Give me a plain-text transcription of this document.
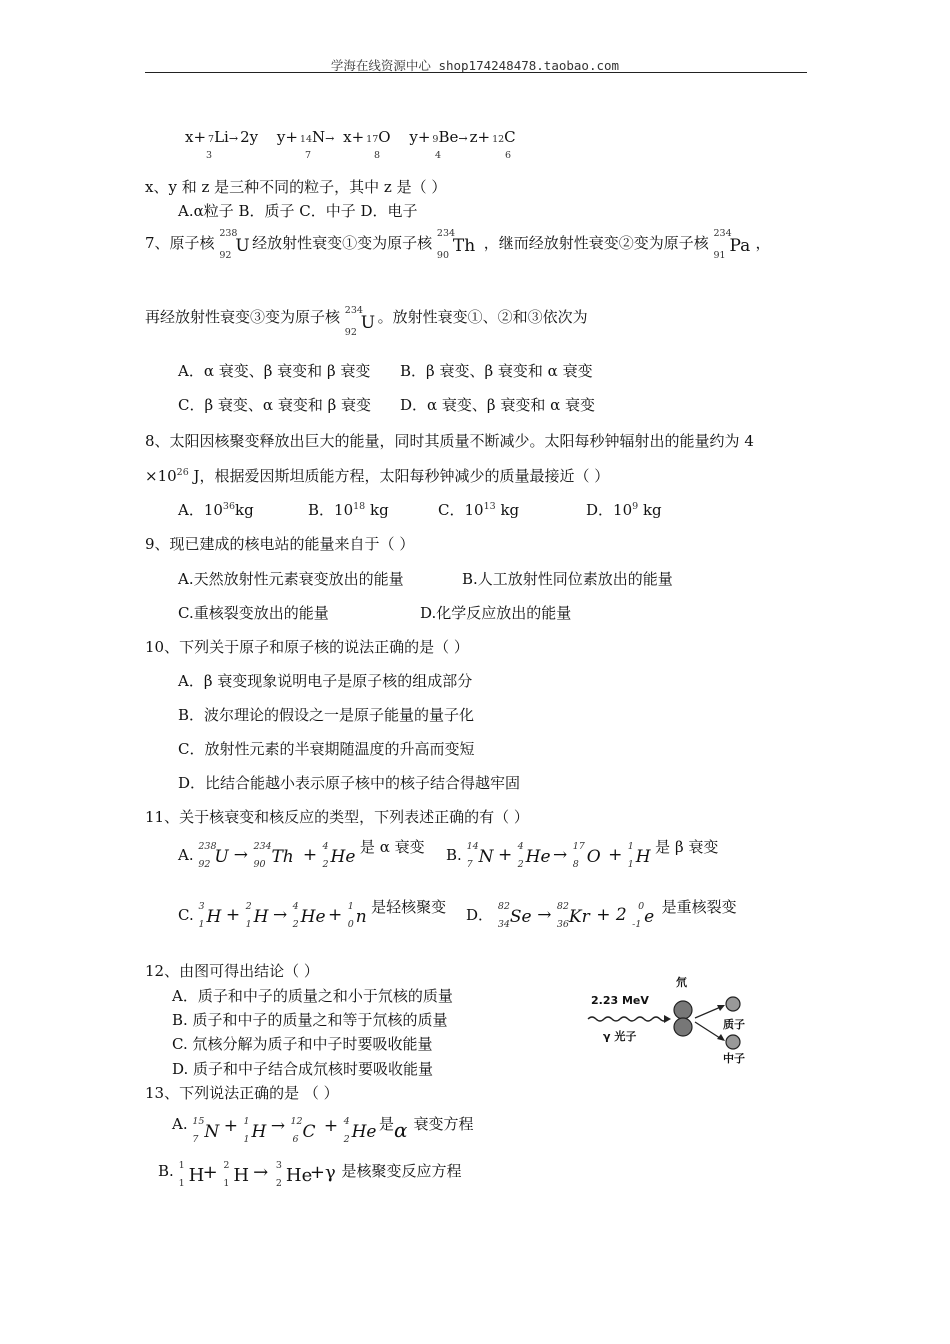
学海在线资源中心 shop174248478.taobao.com
x+ 7Li→ 2y y+ 14N→ x+ 17O y+ 9Be→ z+ 12C
3	7	8	4	6
x、y 和 z 是三种不同的粒子，其中 z 是（ ）
A.α粒子 B．质子 C．中子 D．电子
7、原子核
238
92 U 经放射性衰变①变为原子核
234
90 Th ，继而经放射性衰变②变为原子核
234
91 Pa ，
再经放射性衰变③变为原子核 234
92 U 。放射性衰变①、②和③依次为
A．α 衰变、β 衰变和 β 衰变 B．β 衰变、β 衰变和 α 衰变
C．β 衰变、α 衰变和 β 衰变 D．α 衰变、β 衰变和 α 衰变
8、太阳因核聚变释放出巨大的能量，同时其质量不断减少。太阳每秒钟辐射出的能量约为 4
$\times 10^{26}$ J，根据爱因斯坦质能方程，太阳每秒钟减少的质量最接近（ ）
A．$10^{36}kg$	B．$10^{18}$ kg	C．$10^{13}$ kg	D．$10^9$ kg
9、现已建成的核电站的能量来自于（ ）
A.天然放射性元素衰变放出的能量	B.人工放射性同位素放出的能量
C.重核裂变放出的能量	D.化学反应放出的能量
10、下列关于原子和原子核的说法正确的是（ ）
A．β 衰变现象说明电子是原子核的组成部分
B．波尔理论的假设之一是原子能量的量子化
C．放射性元素的半衰期随温度的升高而变短
D．比结合能越小表示原子核中的核子结合得越牢固
11、关于核衰变和核反应的类型，下列表述正确的有（ ）
A. 238
92 U → 234
90 Th + 4
2 He 是 α 衰变 B. 14
7 N + 4
2 He
→ 17
8 O + 1
1 H 是 β 衰变
C. 3
1 H + 2
1 H → 4
2 He
+ 1
0 n 是轻核聚变 D． 82
34 Se → 82
36 Kr + 2 0
-1 e 是重核裂变
12、由图可得出结论（ ）
A．质子和中子的质量之和小于氘核的质量
B. 质子和中子的质量之和等于氘核的质量
C. 氘核分解为质子和中子时要吸收能量
D. 质子和中子结合成氘核时要吸收能量
2.23 MeV
γ 光子
氘
质子
中子
13、下列说法正确的是 （ ）
A. 15
7 N + 1
1 H → 12
6 C + 4
2 He 是α 衰变方程
B. 1
1 H
+ 2
1 H
→ 3
2 He
+γ 是核聚变反应方程
